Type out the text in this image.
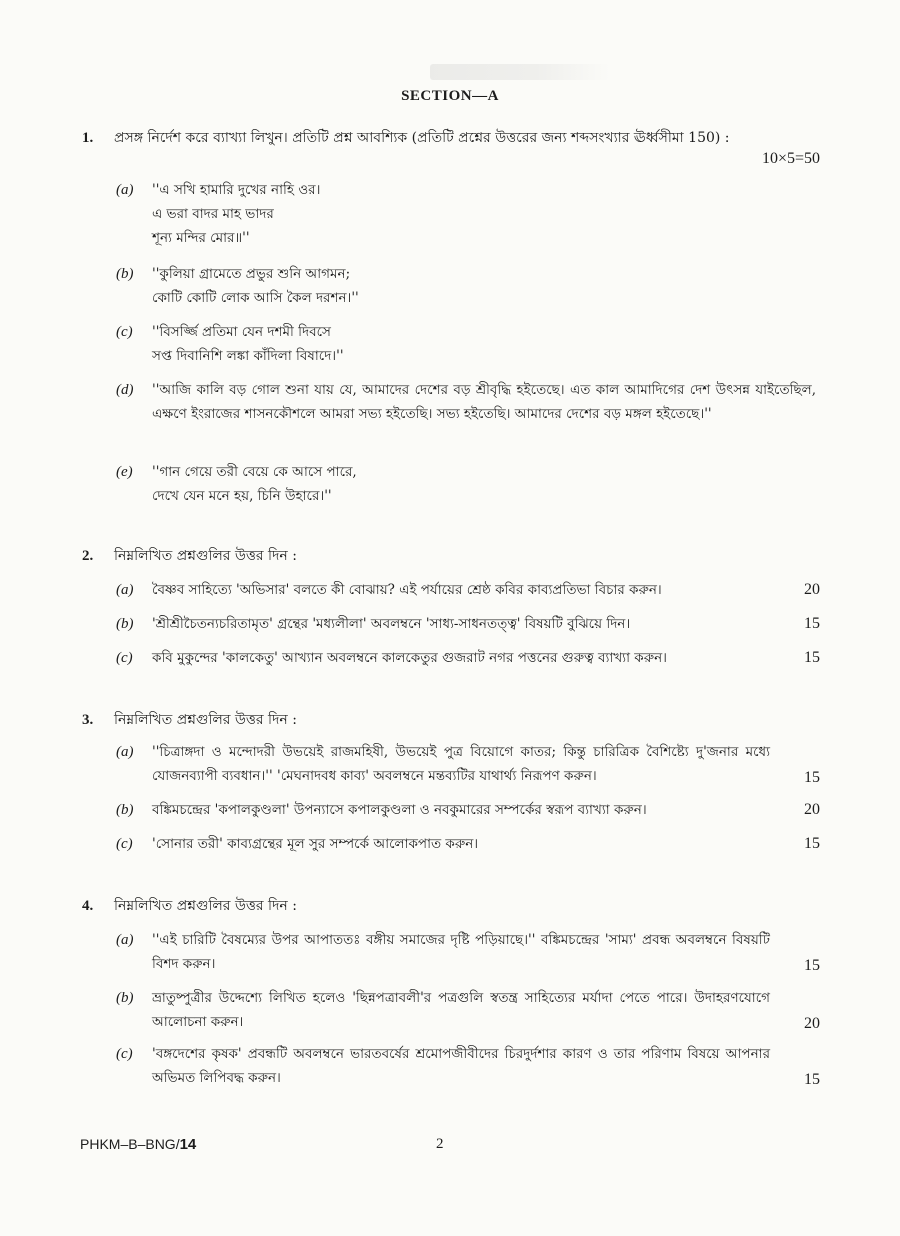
SECTION—A
1. প্রসঙ্গ নির্দেশ করে ব্যাখ্যা লিখুন। প্রতিটি প্রশ্ন আবশ্যিক (প্রতিটি প্রশ্নের উত্তরের জন্য শব্দসংখ্যার ঊর্ধ্বসীমা 150) :
10×5=50
(a)	''এ সখি হামারি দুখের নাহি ওর।
এ ভরা বাদর মাহ ভাদর
শূন্য মন্দির মোর॥''
(b)	''কুলিয়া গ্রামেতে প্রভুর শুনি আগমন;
কোটি কোটি লোক আসি কৈল দরশন।''
(c)	''বিসর্জ্জি প্রতিমা যেন দশমী দিবসে
সপ্ত দিবানিশি লঙ্কা কাঁদিলা বিষাদে।''
(d)	''আজি কালি বড় গোল শুনা যায় যে, আমাদের দেশের বড় শ্রীবৃদ্ধি হইতেছে। এত কাল আমাদিগের দেশ উৎসন্ন যাইতেছিল, এক্ষণে ইংরাজের শাসনকৌশলে আমরা সভ্য হইতেছি। সভ্য হইতেছি। আমাদের দেশের বড় মঙ্গল হইতেছে।''
(e)	''গান গেয়ে তরী বেয়ে কে আসে পারে,
দেখে যেন মনে হয়, চিনি উহারে।''
2. নিম্নলিখিত প্রশ্নগুলির উত্তর দিন :
(a)	বৈষ্ণব সাহিত্যে 'অভিসার' বলতে কী বোঝায়? এই পর্যায়ের শ্রেষ্ঠ কবির কাব্যপ্রতিভা বিচার করুন।	20
(b)	'শ্রীশ্রীচৈতন্যচরিতামৃত' গ্রন্থের 'মধ্যলীলা' অবলম্বনে 'সাধ্য-সাধনতত্ত্ব' বিষয়টি বুঝিয়ে দিন।	15
(c)	কবি মুকুন্দের 'কালকেতু' আখ্যান অবলম্বনে কালকেতুর গুজরাট নগর পত্তনের গুরুত্ব ব্যাখ্যা করুন।	15
3. নিম্নলিখিত প্রশ্নগুলির উত্তর দিন :
(a)	''চিত্রাঙ্গদা ও মন্দোদরী উভয়েই রাজমহিষী, উভয়েই পুত্র বিয়োগে কাতর; কিন্তু চারিত্রিক বৈশিষ্ট্যে দু'জনার মধ্যে যোজনব্যাপী ব্যবধান।'' 'মেঘনাদবধ কাব্য' অবলম্বনে মন্তব্যটির যাথার্থ্য নিরূপণ করুন।	15
(b)	বঙ্কিমচন্দ্রের 'কপালকুণ্ডলা' উপন্যাসে কপালকুণ্ডলা ও নবকুমারের সম্পর্কের স্বরূপ ব্যাখ্যা করুন।	20
(c)	'সোনার তরী' কাব্যগ্রন্থের মূল সুর সম্পর্কে আলোকপাত করুন।	15
4. নিম্নলিখিত প্রশ্নগুলির উত্তর দিন :
(a)	''এই চারিটি বৈষম্যের উপর আপাততঃ বঙ্গীয় সমাজের দৃষ্টি পড়িয়াছে।'' বঙ্কিমচন্দ্রের 'সাম্য' প্রবন্ধ অবলম্বনে বিষয়টি বিশদ করুন।	15
(b)	ভ্রাতুষ্পুত্রীর উদ্দেশ্যে লিখিত হলেও 'ছিন্নপত্রাবলী'র পত্রগুলি স্বতন্ত্র সাহিত্যের মর্যাদা পেতে পারে। উদাহরণযোগে আলোচনা করুন।	20
(c)	'বঙ্গদেশের কৃষক' প্রবন্ধটি অবলম্বনে ভারতবর্ষের শ্রমোপজীবীদের চিরদুর্দশার কারণ ও তার পরিণাম বিষয়ে আপনার অভিমত লিপিবদ্ধ করুন।	15
PHKM–B–BNG/14	2
